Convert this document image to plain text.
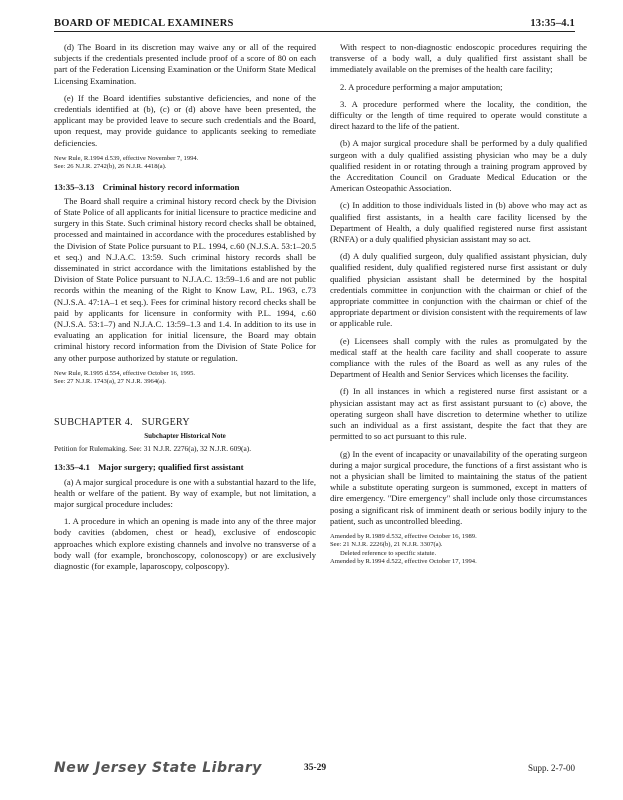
BOARD OF MEDICAL EXAMINERS	13:35–4.1

(d) The Board in its discretion may waive any or all of the required subjects if the credentials presented include proof of a score of 80 on each part of the Federation Licensing Examination or the Uniform State Medical Licensing Examination.

(e) If the Board identifies substantive deficiencies, and none of the credentials identified at (b), (c) or (d) above have been presented, the applicant may be provided leave to secure such credentials and the Board, upon request, may provide guidance to applicants seeking to remediate deficiencies.

New Rule, R.1994 d.539, effective November 7, 1994.
See: 26 N.J.R. 2742(b), 26 N.J.R. 4418(a).
13:35–3.13 Criminal history record information

The Board shall require a criminal history record check by the Division of State Police of all applicants for initial licensure to practice medicine and surgery in this State. Such criminal history record checks shall be obtained, processed and maintained in accordance with the procedures established by the Division of State Police pursuant to P.L. 1994, c.60 (N.J.S.A. 53:1–20.5 et seq.) and N.J.A.C. 13:59. Such criminal history records shall be disseminated in strict accordance with the limitations established by the Division of State Police pursuant to N.J.A.C. 13:59–1.6 and are not public records within the meaning of the Right to Know Law, P.L. 1963, c.73 (N.J.S.A. 47:1A–1 et seq.). Fees for criminal history record checks shall be paid by applicants for licensure in conformity with P.L. 1994, c.60 (N.J.S.A. 53:1–7) and N.J.A.C. 13:59–1.3 and 1.4. In addition to its use in evaluating an application for initial licensure, the Board may obtain criminal history record information from the Division of State Police for any other purpose authorized by statute or regulation.

New Rule, R.1995 d.554, effective October 16, 1995.
See: 27 N.J.R. 1743(a), 27 N.J.R. 3964(a).
SUBCHAPTER 4. SURGERY
Subchapter Historical Note
Petition for Rulemaking. See: 31 N.J.R. 2276(a), 32 N.J.R. 609(a).
13:35–4.1 Major surgery; qualified first assistant

(a) A major surgical procedure is one with a substantial hazard to the life, health or welfare of the patient. By way of example, but not limitation, a major surgical procedure includes:

1. A procedure in which an opening is made into any of the three major body cavities (abdomen, chest or head), exclusive of endoscopic approaches which explore existing channels and involve no transverse of a body wall (for example, bronchoscopy, colonoscopy) or are exclusively diagnostic (for example, laparoscopy, colposcopy).

With respect to non-diagnostic endoscopic procedures requiring the transverse of a body wall, a duly qualified first assistant shall be immediately available on the premises of the health care facility;

2. A procedure performing a major amputation;

3. A procedure performed where the locality, the condition, the difficulty or the length of time required to operate would constitute a direct hazard to the life of the patient.

(b) A major surgical procedure shall be performed by a duly qualified surgeon with a duly qualified assisting physician who may be a duly qualified resident in or rotating through a training program approved by the Accreditation Council on Graduate Medical Education or the American Osteopathic Association.

(c) In addition to those individuals listed in (b) above who may act as qualified first assistants, in a health care facility licensed by the Department of Health, a duly qualified registered nurse first assistant (RNFA) or a duly qualified physician assistant may so act.

(d) A duly qualified surgeon, duly qualified assistant physician, duly qualified resident, duly qualified registered nurse first assistant or duly qualified physician assistant shall be determined by the hospital credentials committee in conjunction with the chairman or chief of the appropriate committee in conjunction with the chairman or chief of the appropriate department or division consistent with the requirements of law or applicable rule.

(e) Licensees shall comply with the rules as promulgated by the medical staff at the health care facility and shall cooperate to assure compliance with the rules of the Board as well as any rules of the Department of Health and Senior Services which licenses the facility.

(f) In all instances in which a registered nurse first assistant or a physician assistant may act as first assistant pursuant to (c) above, the operating surgeon shall have discretion to determine whether to utilize such an individual as a first assistant, despite the fact that they are permitted to so act pursuant to this rule.

(g) In the event of incapacity or unavailability of the operating surgeon during a major surgical procedure, the functions of a first assistant who is not a physician shall be limited to maintaining the status of the patient while a substitute operating surgeon is summoned, except in matters of dire emergency. "Dire emergency" shall include only those circumstances posing a significant risk of imminent death or serious bodily injury to the patient, such as uncontrolled bleeding.

Amended by R.1989 d.532, effective October 16, 1989.
See: 21 N.J.R. 2226(b), 21 N.J.R. 3307(a).
Deleted reference to specific statute.
Amended by R.1994 d.522, effective October 17, 1994.
New Jersey State Library	35-29	Supp. 2-7-00
